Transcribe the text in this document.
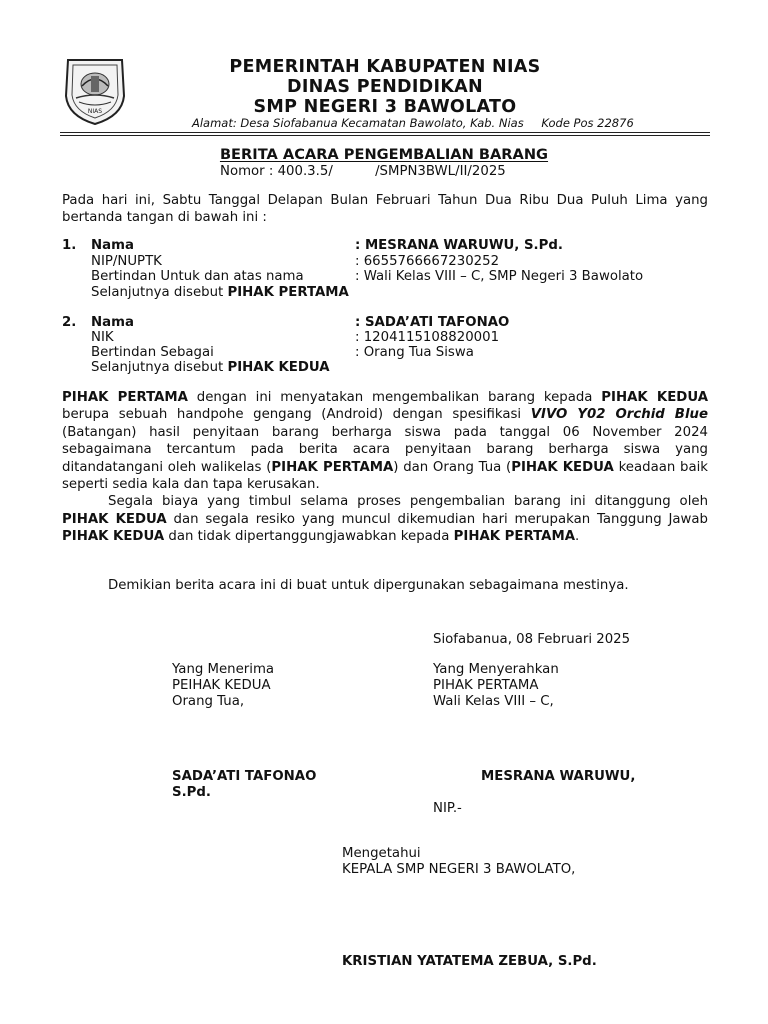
NIAS
PEMERINTAH KABUPATEN NIAS
DINAS PENDIDIKAN
SMP NEGERI 3 BAWOLATO
Alamat: Desa Siofabanua Kecamatan Bawolato, Kab. Nias Kode Pos 22876
BERITA ACARA PENGEMBALIAN BARANG
Nomor : 400.3.5/          /SMPN3BWL/II/2025
Pada hari ini, Sabtu Tanggal Delapan Bulan Februari Tahun Dua Ribu Dua Puluh Lima yang bertanda tangan di bawah ini :
1. Nama	: MESRANA WARUWU, S.Pd.
NIP/NUPTK	: 6655766667230252
Bertindan Untuk dan atas nama	: Wali Kelas VIII – C, SMP Negeri 3 Bawolato
Selanjutnya disebut PIHAK PERTAMA
2. Nama	: SADA’ATI TAFONAO
NIK	: 1204115108820001
Bertindan Sebagai	: Orang Tua Siswa
Selanjutnya disebut PIHAK KEDUA

PIHAK PERTAMA dengan ini menyatakan mengembalikan barang kepada PIHAK KEDUA berupa sebuah handpohe gengang (Android) dengan spesifikasi VIVO Y02 Orchid Blue (Batangan) hasil penyitaan barang berharga siswa pada tanggal 06 November 2024 sebagaimana tercantum pada berita acara penyitaan barang berharga siswa yang ditandatangani oleh walikelas (PIHAK PERTAMA) dan Orang Tua (PIHAK KEDUA keadaan baik seperti sedia kala dan tapa kerusakan.

Segala biaya yang timbul selama proses pengembalian barang ini ditanggung oleh PIHAK KEDUA dan segala resiko yang muncul dikemudian hari merupakan Tanggung Jawab PIHAK KEDUA dan tidak dipertanggungjawabkan kepada PIHAK PERTAMA.

Demikian berita acara ini di buat untuk dipergunakan sebagaimana mestinya.
Siofabanua, 08 Februari 2025
Yang Menerima
PEIHAK KEDUA
Orang Tua,
Yang Menyerahkan
PIHAK PERTAMA
Wali Kelas VIII – C,
SADA’ATI TAFONAO	MESRANA WARUWU,
S.Pd.
NIP.-
Mengetahui
KEPALA SMP NEGERI 3 BAWOLATO,
KRISTIAN YATATEMA ZEBUA, S.Pd.
